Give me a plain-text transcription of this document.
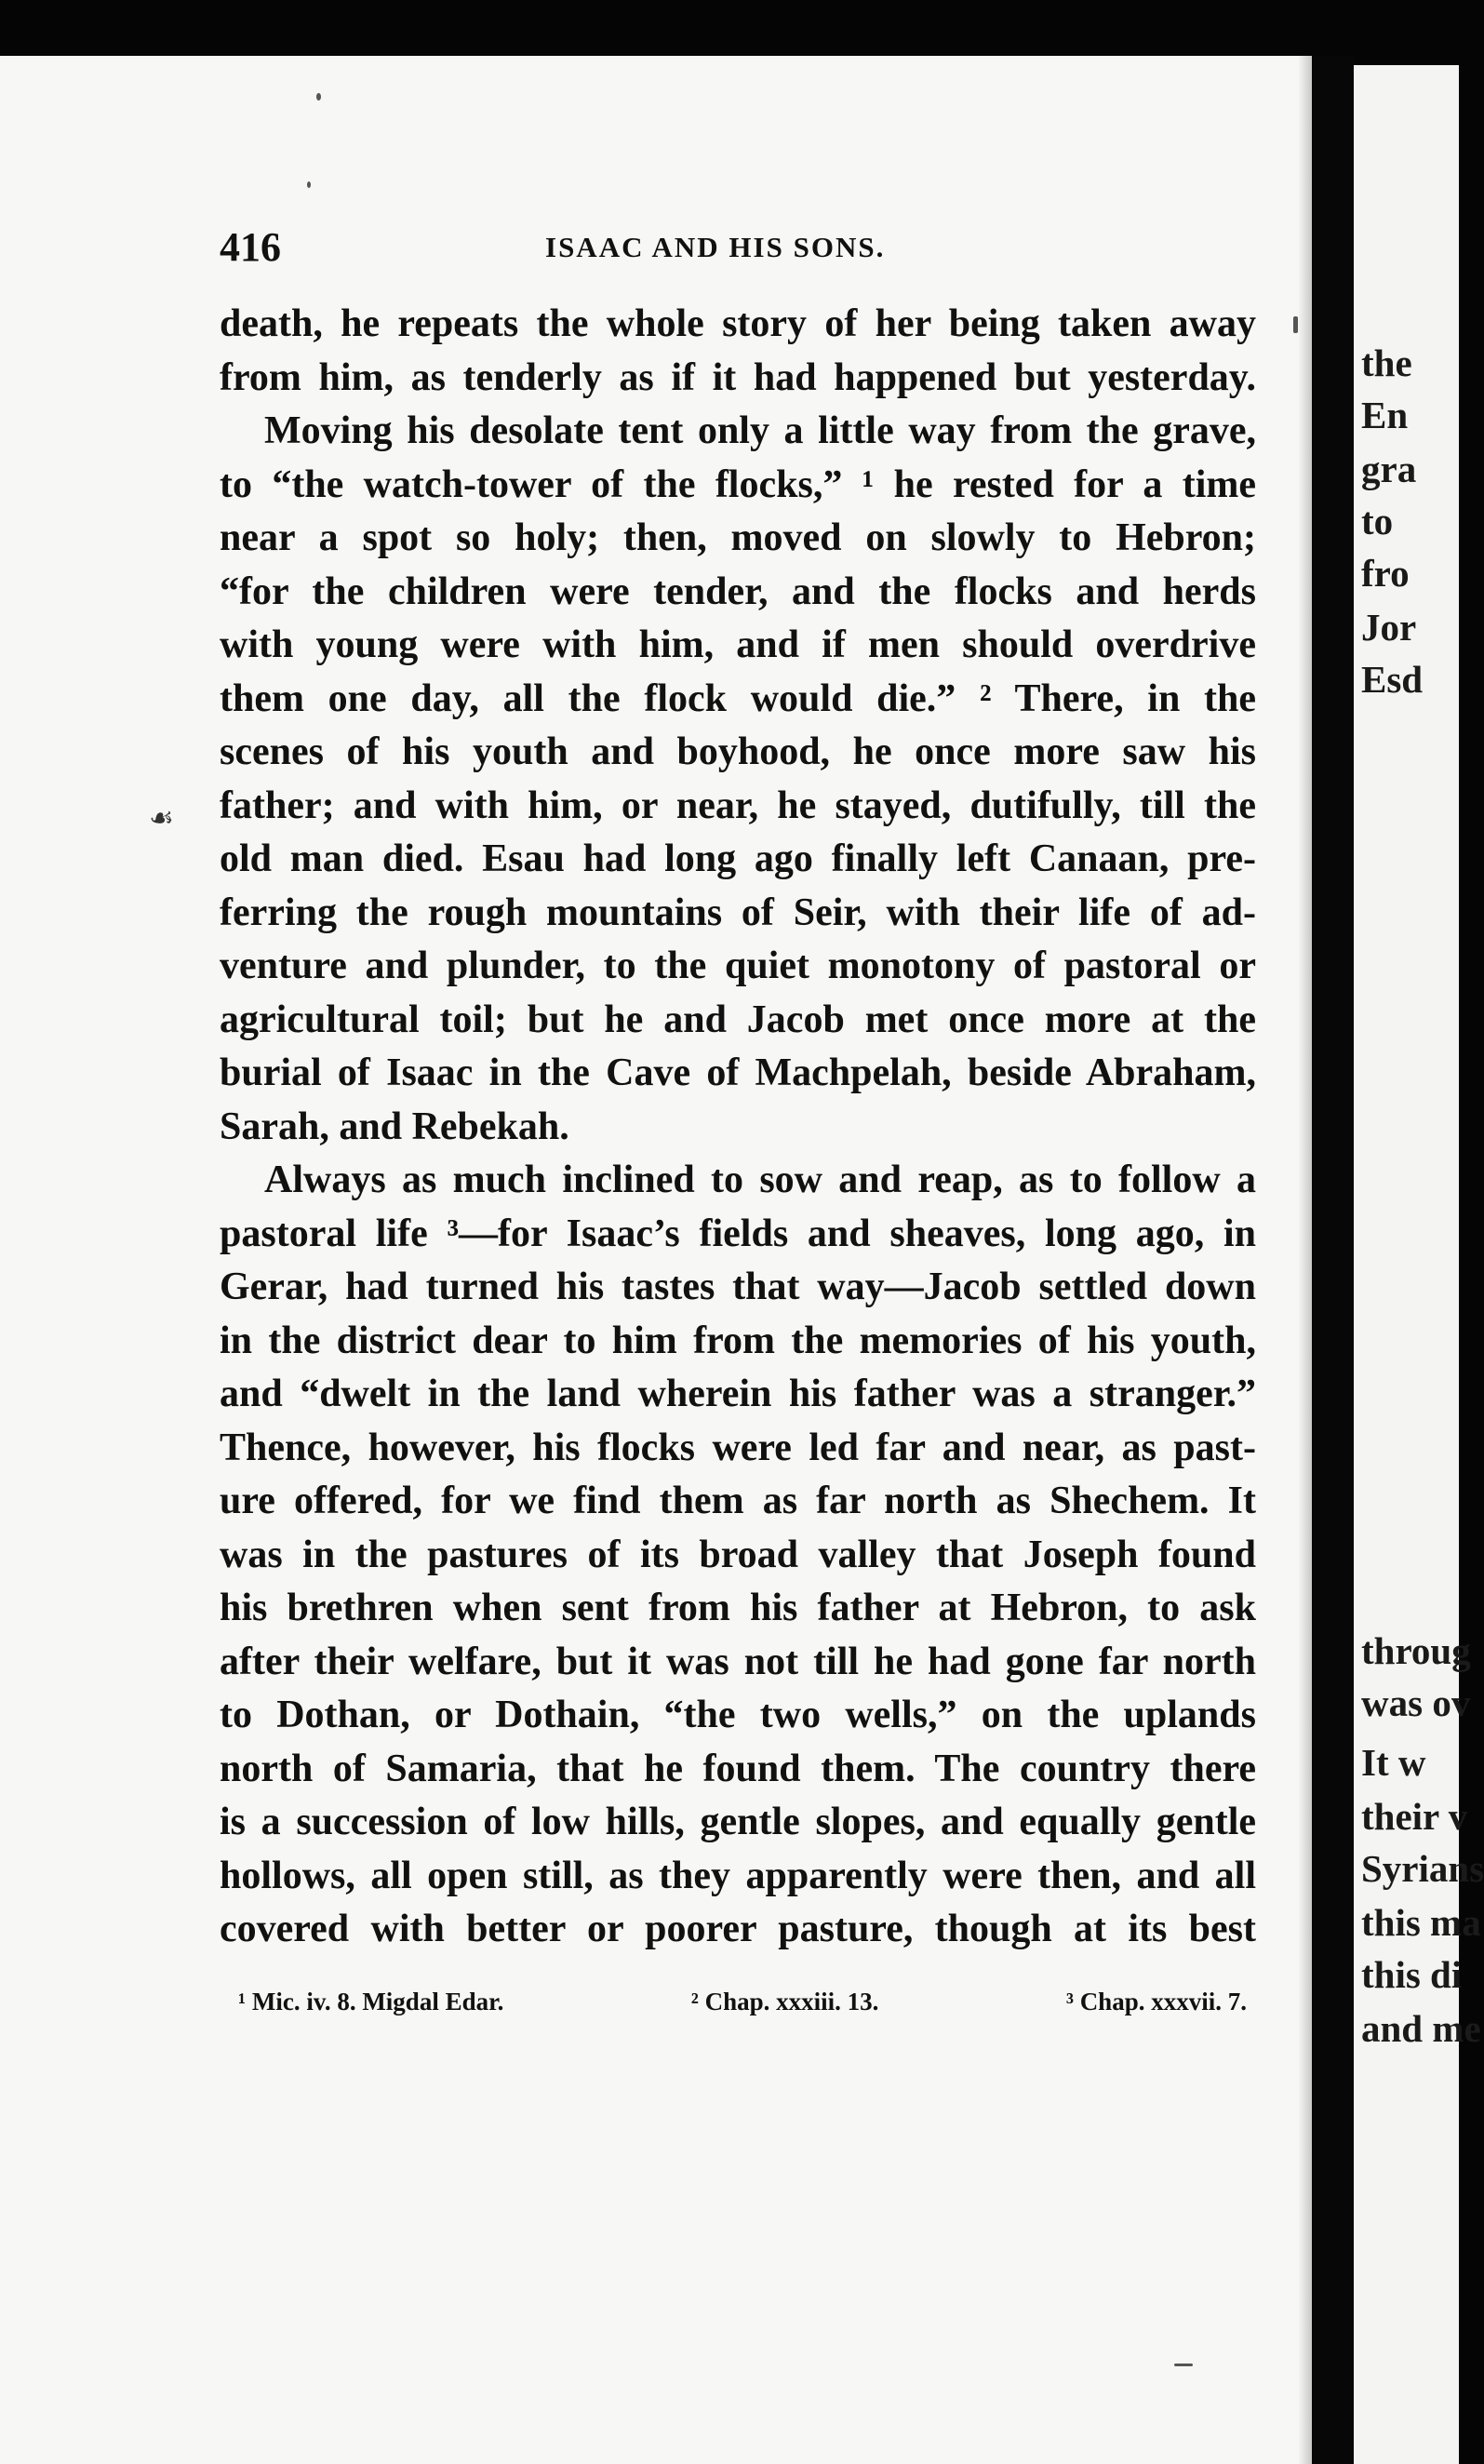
the
En
gra
to
fro
Jor
Esd
throug
was ov
It w
their v
Syrians
this ma
this di
and me
416	ISAAC AND HIS SONS.
☙
death, he repeats the whole story of her being taken away
from him, as tenderly as if it had happened but yesterday.
Moving his desolate tent only a little way from the grave,
to “the watch-tower of the flocks,” ¹ he rested for a time
near a spot so holy; then, moved on slowly to Hebron;
“for the children were tender, and the flocks and herds
with young were with him, and if men should overdrive
them one day, all the flock would die.” ² There, in the
scenes of his youth and boyhood, he once more saw his
father; and with him, or near, he stayed, dutifully, till the
old man died. Esau had long ago finally left Canaan, pre-
ferring the rough mountains of Seir, with their life of ad-
venture and plunder, to the quiet monotony of pastoral or
agricultural toil; but he and Jacob met once more at the
burial of Isaac in the Cave of Machpelah, beside Abraham,
Sarah, and Rebekah.
Always as much inclined to sow and reap, as to follow a
pastoral life ³—for Isaac’s fields and sheaves, long ago, in
Gerar, had turned his tastes that way—Jacob settled down
in the district dear to him from the memories of his youth,
and “dwelt in the land wherein his father was a stranger.”
Thence, however, his flocks were led far and near, as past-
ure offered, for we find them as far north as Shechem. It
was in the pastures of its broad valley that Joseph found
his brethren when sent from his father at Hebron, to ask
after their welfare, but it was not till he had gone far north
to Dothan, or Dothain, “the two wells,” on the uplands
north of Samaria, that he found them. The country there
is a succession of low hills, gentle slopes, and equally gentle
hollows, all open still, as they apparently were then, and all
covered with better or poorer pasture, though at its best
¹ Mic. iv. 8. Migdal Edar.	² Chap. xxxiii. 13.	³ Chap. xxxvii. 7.
